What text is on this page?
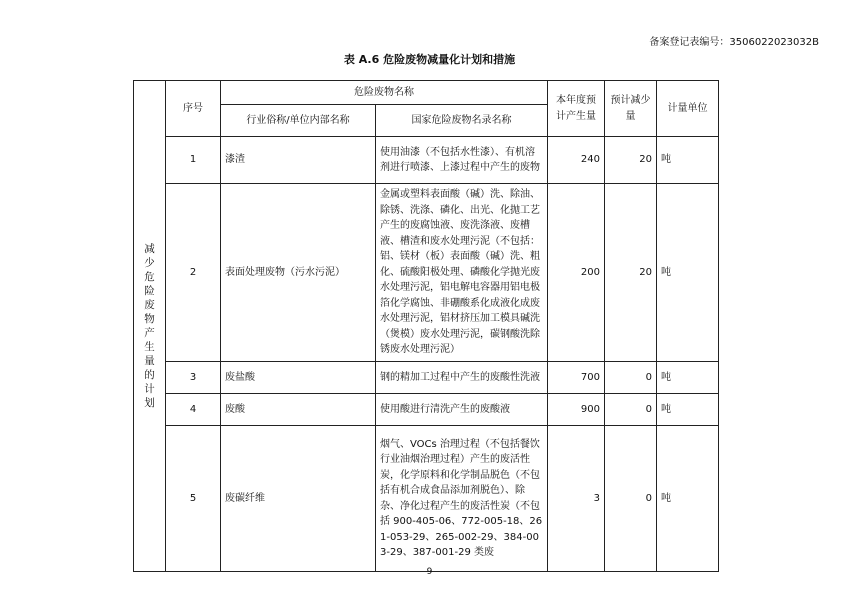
备案登记表编号：3506022023032B
表 A.6 危险废物减量化计划和措施
减少危险废物产生量的计划	序号	危险废物名称		本年度预计产生量	预计减少量	计量单位
		行业俗称/单位内部名称	国家危险废物名录名称			
	1	漆渣	使用油漆（不包括水性漆）、有机溶剂进行喷漆、上漆过程中产生的废物	240	20	吨
	2	表面处理废物（污水污泥）	金属或塑料表面酸（碱）洗、除油、除锈、洗涤、磷化、出光、化抛工艺产生的废腐蚀液、废洗涤液、废槽液、槽渣和废水处理污泥（不包括：铝、镁材（板）表面酸（碱）洗、粗化、硫酸阳极处理、磷酸化学抛光废水处理污泥，铝电解电容器用铝电极箔化学腐蚀、非硼酸系化成液化成废水处理污泥，铝材挤压加工模具碱洗（煲模）废水处理污泥，碳钢酸洗除锈废水处理污泥）	200	20	吨
	3	废盐酸	钢的精加工过程中产生的废酸性洗液	700	0	吨
	4	废酸	使用酸进行清洗产生的废酸液	900	0	吨
	5	废碳纤维	烟气、VOCs 治理过程（不包括餐饮行业油烟治理过程）产生的废活性炭，化学原料和化学制品脱色（不包括有机合成食品添加剂脱色）、除杂、净化过程产生的废活性炭（不包括 900-405-06、772-005-18、261-053-29、265-002-29、384-003-29、387-001-29 类废	3	0	吨
9
